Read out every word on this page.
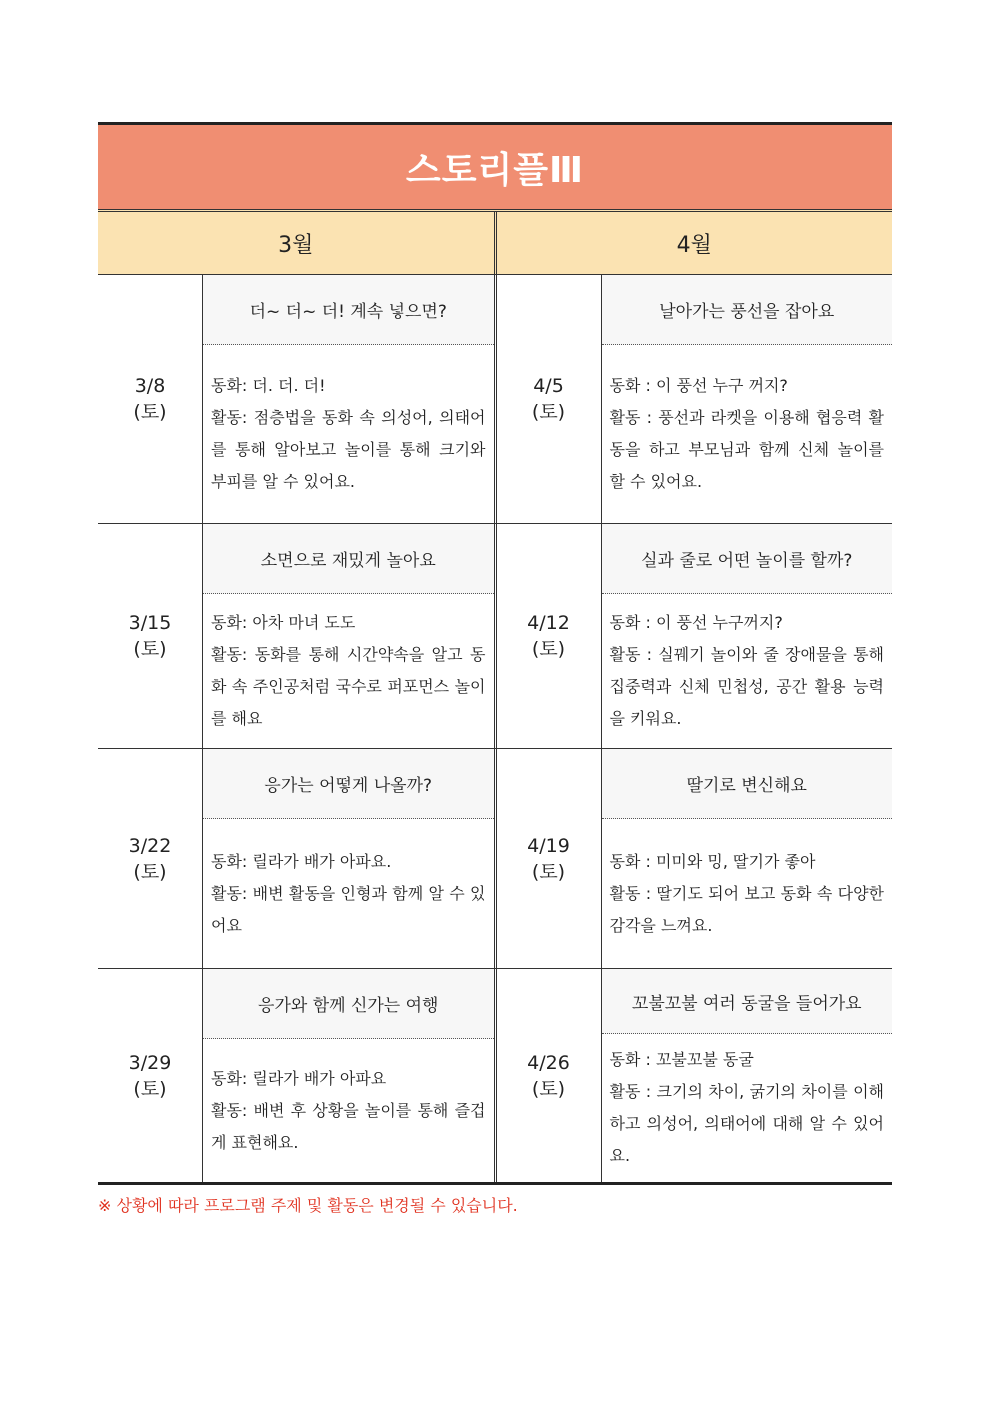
스토리플Ⅲ
3월	4월
3/8
(토)
더~ 더~ 더! 계속 넣으면?
동화: 더. 더. 더!
활동: 점층법을 동화 속 의성어, 의태어를 통해 알아보고 놀이를 통해 크기와 부피를 알 수 있어요.
4/5
(토)
날아가는 풍선을 잡아요
동화 : 이 풍선 누구 꺼지?
활동 : 풍선과 라켓을 이용해 협응력 활동을 하고 부모님과 함께 신체 놀이를 할 수 있어요.
3/15
(토)
소면으로 재밌게 놀아요
동화: 아차 마녀 도도
활동: 동화를 통해 시간약속을 알고 동화 속 주인공처럼 국수로 퍼포먼스 놀이를 해요
4/12
(토)
실과 줄로 어떤 놀이를 할까?
동화 : 이 풍선 누구꺼지?
활동 : 실꿰기 놀이와 줄 장애물을 통해 집중력과 신체 민첩성, 공간 활용 능력을 키워요.
3/22
(토)
응가는 어떻게 나올까?
동화: 릴라가 배가 아파요.
활동: 배변 활동을 인형과 함께 알 수 있어요
4/19
(토)
딸기로 변신해요
동화 : 미미와 밍, 딸기가 좋아
활동 : 딸기도 되어 보고 동화 속 다양한 감각을 느껴요.
3/29
(토)
응가와 함께 신가는 여행
동화: 릴라가 배가 아파요
활동: 배변 후 상황을 놀이를 통해 즐겁게 표현해요.
4/26
(토)
꼬불꼬불 여러 동굴을 들어가요
동화 : 꼬불꼬불 동굴
활동 : 크기의 차이, 굵기의 차이를 이해하고 의성어, 의태어에 대해 알 수 있어요.
※ 상황에 따라 프로그램 주제 및 활동은 변경될 수 있습니다.
